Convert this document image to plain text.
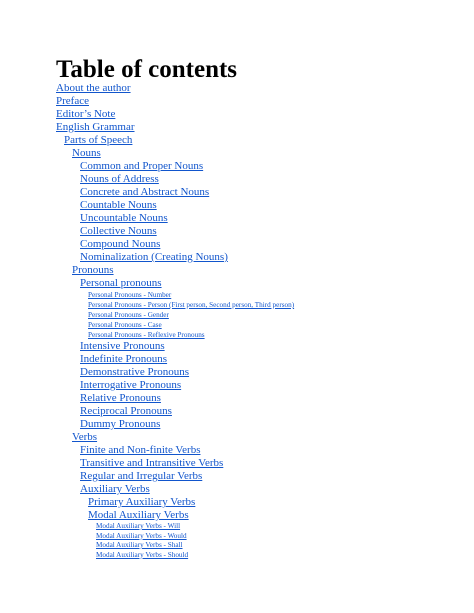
Table of contents
About the author
Preface
Editor’s Note
English Grammar
Parts of Speech
Nouns
Common and Proper Nouns
Nouns of Address
Concrete and Abstract Nouns
Countable Nouns
Uncountable Nouns
Collective Nouns
Compound Nouns
Nominalization (Creating Nouns)
Pronouns
Personal pronouns
Personal Pronouns - Number
Personal Pronouns - Person (First person, Second person, Third person)
Personal Pronouns - Gender
Personal Pronouns - Case
Personal Pronouns - Reflexive Pronouns
Intensive Pronouns
Indefinite Pronouns
Demonstrative Pronouns
Interrogative Pronouns
Relative Pronouns
Reciprocal Pronouns
Dummy Pronouns
Verbs
Finite and Non-finite Verbs
Transitive and Intransitive Verbs
Regular and Irregular Verbs
Auxiliary Verbs
Primary Auxiliary Verbs
Modal Auxiliary Verbs
Modal Auxiliary Verbs - Will
Modal Auxiliary Verbs - Would
Modal Auxiliary Verbs - Shall
Modal Auxiliary Verbs - Should
